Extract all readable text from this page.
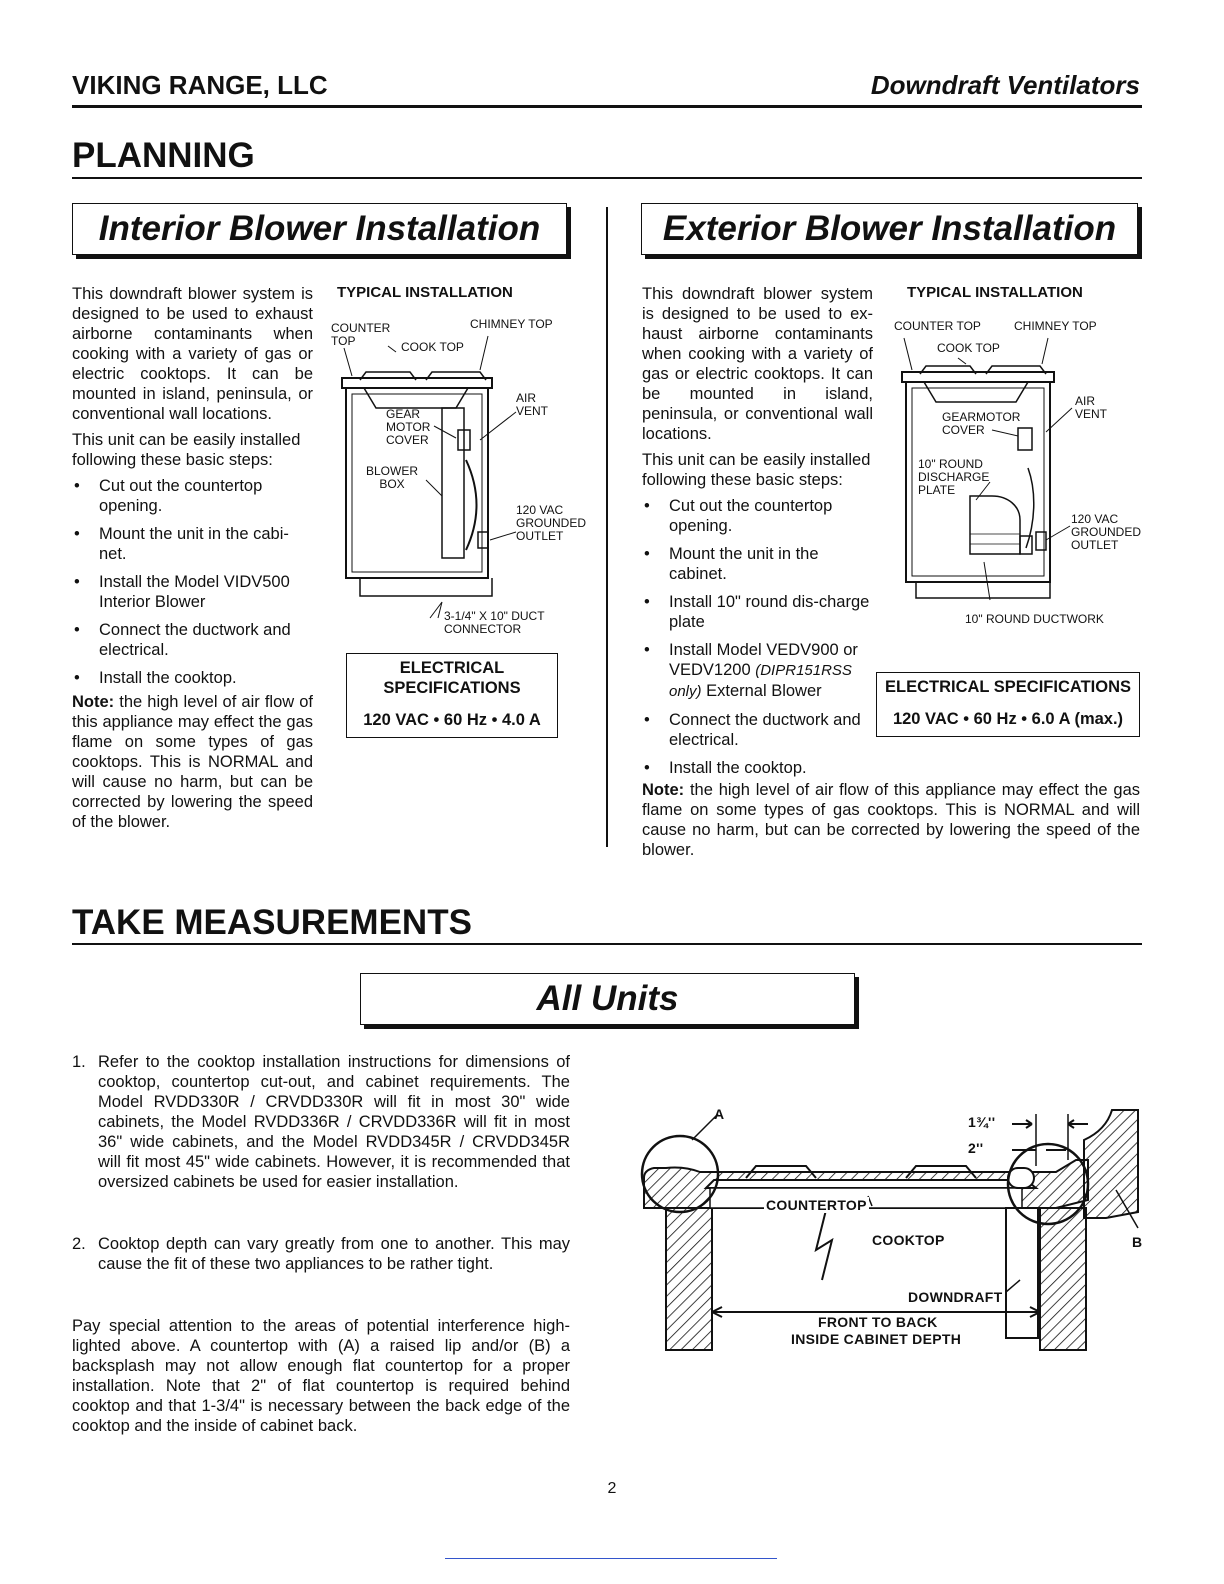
VIKING RANGE, LLC	Downdraft Ventilators
PLANNING
Interior Blower Installation	Exterior Blower Installation

This downdraft blower system is designed to be used to exhaust airborne contaminants when cooking with a variety of gas or electric cooktops. It can be mounted in island, peninsula, or conventional wall locations.

This unit can be easily installed following these basic steps:

• Cut out the countertop opening.
• Mount the unit in the cabi-net.
• Install the Model VIDV500 Interior Blower
• Connect the ductwork and electrical.
• Install the cooktop.

Note: the high level of air flow of this appliance may effect the gas flame on some types of gas cooktops. This is NORMAL and will cause no harm, but can be corrected by lowering the speed of the blower.

TYPICAL INSTALLATION
COUNTER TOP	COOK TOP
CHIMNEY TOP
AIR VENT
GEAR MOTOR COVER
BLOWER BOX
120 VAC GROUNDED OUTLET
3-1/4" X 10" DUCT CONNECTOR
ELECTRICAL SPECIFICATIONS
120 VAC • 60 Hz • 4.0 A

This downdraft blower system is designed to be used to ex-haust airborne contaminants when cooking with a variety of gas or electric cooktops. It can be mounted in island, peninsula, or conventional wall locations.

This unit can be easily installed following these basic steps:

• Cut out the countertop opening.
• Mount the unit in the cabinet.
• Install 10" round dis-charge plate
• Install Model VEDV900 or VEDV1200 (DIPR151RSS only) External Blower
• Connect the ductwork and electrical.
• Install the cooktop.
Note: the high level of air flow of this appliance may effect the gas flame on some types of gas cooktops. This is NORMAL and will cause no harm, but can be corrected by lowering the speed of the blower.
TYPICAL INSTALLATION
COUNTER TOP	CHIMNEY TOP
COOK TOP
AIR VENT
GEARMOTOR COVER
10" ROUND DISCHARGE PLATE
120 VAC GROUNDED OUTLET
10" ROUND DUCTWORK
ELECTRICAL SPECIFICATIONS
120 VAC • 60 Hz • 6.0 A (max.)
TAKE MEASUREMENTS
All Units
1. Refer to the cooktop installation instructions for dimensions of cooktop, countertop cut-out, and cabinet requirements. The Model RVDD330R / CRVDD330R will fit in most 30" wide cabinets, the Model RVDD336R / CRVDD336R will fit in most 36" wide cabinets, and the Model RVDD345R / CRVDD345R will fit most 45" wide cabinets. However, it is recommended that oversized cabinets be used for easier installation.
2. Cooktop depth can vary greatly from one to another. This may cause the fit of these two appliances to be rather tight.

Pay special attention to the areas of potential interference high-lighted above. A countertop with (A) a raised lip and/or (B) a backsplash may not allow enough flat countertop for a proper installation. Note that 2" of flat countertop is required behind cooktop and that 1-3/4" is necessary between the back edge of the cooktop and the inside of cabinet back.

A
B
1¾''
2''
COUNTERTOP
COOKTOP
DOWNDRAFT
FRONT TO BACK
INSIDE CABINET DEPTH
2
